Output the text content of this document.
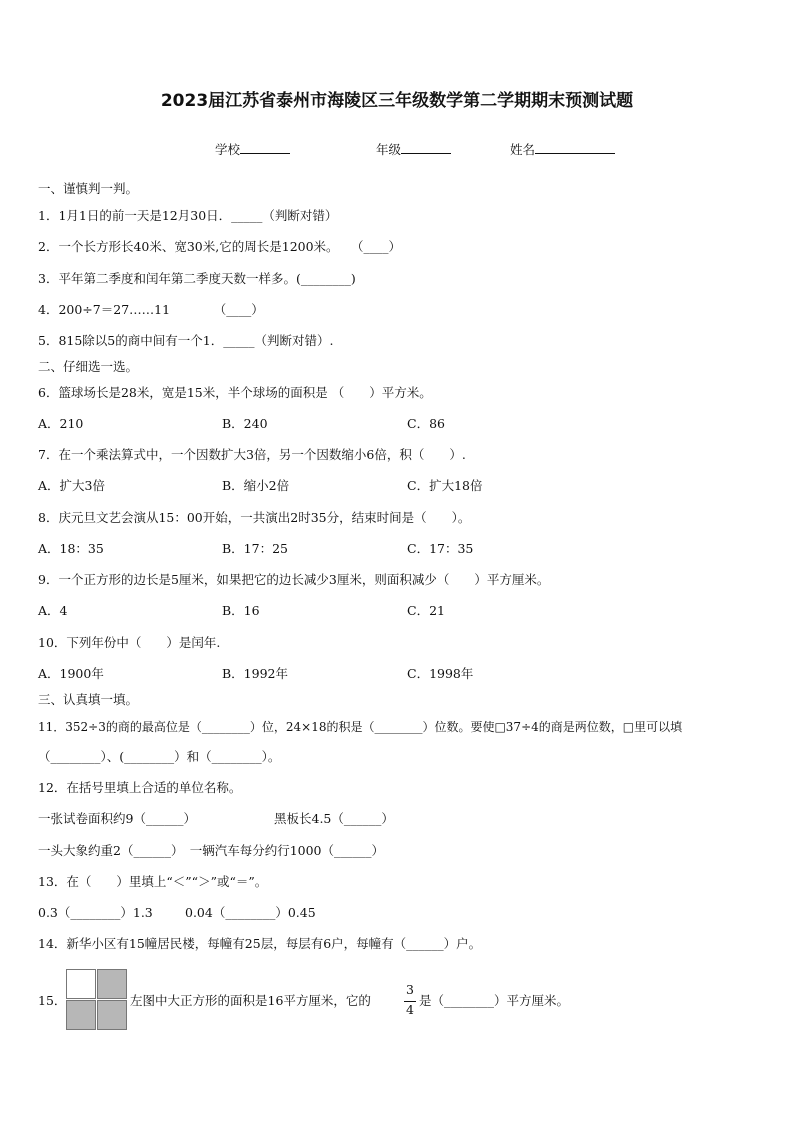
2023届江苏省泰州市海陵区三年级数学第二学期期末预测试题
学校	年级	姓名
一、谨慎判一判。
1．1月1日的前一天是12月30日．_____（判断对错）
2．一个长方形长40米、宽30米,它的周长是1200米。　　（____）
3．平年第二季度和闰年第二季度天数一样多。(________)
4．200÷7＝27……11　　　　（____）
5．815除以5的商中间有一个1．_____（判断对错）.
二、仔细选一选。
6．篮球场长是28米，宽是15米，半个球场的面积是 （　　）平方米。
A．210	B．240	C．86
7．在一个乘法算式中，一个因数扩大3倍，另一个因数缩小6倍，积（　　）.
A．扩大3倍	B．缩小2倍	C．扩大18倍
8．庆元旦文艺会演从15：00开始，一共演出2时35分，结束时间是（　　）。
A．18：35	B．17：25	C．17：35
9．一个正方形的边长是5厘米，如果把它的边长减少3厘米，则面积减少（　　）平方厘米。
A．4	B．16	C．21
10．下列年份中（　　）是闰年.
A．1900年	B．1992年	C．1998年
三、认真填一填。
11．352÷3的商的最高位是（________）位，24×18的积是（________）位数。要使□37÷4的商是两位数，□里可以填
（________）、(________）和（________）。
12．在括号里填上合适的单位名称。
一张试卷面积约9（______）	黑板长4.5（______）
一头大象约重2（______）　一辆汽车每分约行1000（______）
13．在（　　）里填上“＜”“＞”或“＝”。
0.3（________）1.3	0.04（________）0.45
14．新华小区有15幢居民楼，每幢有25层，每层有6户，每幢有（______）户。
15．	左图中大正方形的面积是16平方厘米，它的
3
4
是（________）平方厘米。
